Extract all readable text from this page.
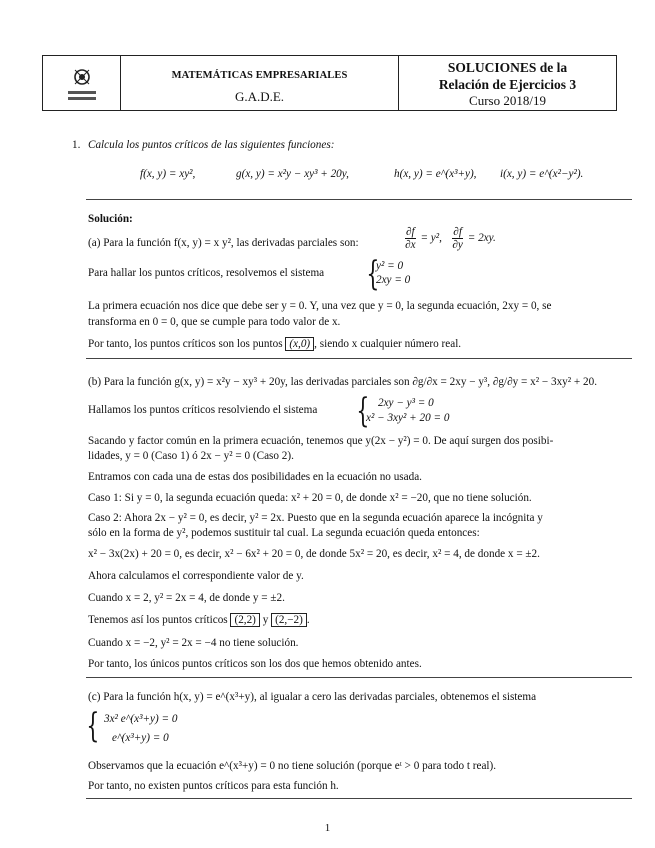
MATEMÁTICAS EMPRESARIALES
G.A.D.E.
SOLUCIONES de la
Relación de Ejercicios 3
Curso 2018/19
1. Calcula los puntos críticos de las siguientes funciones:
f(x, y) = xy²,	g(x, y) = x²y − xy³ + 20y,	h(x, y) = e^(x³+y), i(x, y) = e^(x²−y²).
Solución:
(a) Para la función f(x, y) = x y², las derivadas parciales son:	$\frac{\partial f}{\partial x} = y^2$, $\frac{\partial f}{\partial y} = 2xy$.
Para hallar los puntos críticos, resolvemos el sistema {
y² = 0
2xy = 0
La primera ecuación nos dice que debe ser y = 0. Y, una vez que y = 0, la segunda ecuación, 2xy = 0, se
transforma en 0 = 0, que se cumple para todo valor de x.
Por tanto, los puntos críticos son los puntos (x,0) , siendo x cualquier número real.
(b) Para la función g(x, y) = x²y − xy³ + 20y, las derivadas parciales son ∂g/∂x = 2xy − y³, ∂g/∂y = x² − 3xy² + 20.
Hallamos los puntos críticos resolviendo el sistema { 2xy − y³ = 0
x² − 3xy² + 20 = 0
Sacando y factor común en la primera ecuación, tenemos que y(2x − y²) = 0. De aquí surgen dos posibi-
lidades, y = 0 (Caso 1) ó 2x − y² = 0 (Caso 2).
Entramos con cada una de estas dos posibilidades en la ecuación no usada.
Caso 1: Si y = 0, la segunda ecuación queda: x² + 20 = 0, de donde x² = −20, que no tiene solución.
Caso 2: Ahora 2x − y² = 0, es decir, y² = 2x. Puesto que en la segunda ecuación aparece la incógnita y
sólo en la forma de y², podemos sustituir tal cual. La segunda ecuación queda entonces:
x² − 3x(2x) + 20 = 0, es decir, x² − 6x² + 20 = 0, de donde 5x² = 20, es decir, x² = 4, de donde x = ±2.
Ahora calculamos el correspondiente valor de y.
Cuando x = 2, y² = 2x = 4, de donde y = ±2.
Tenemos así los puntos críticos (2,2) y (2,−2) .
Cuando x = −2, y² = 2x = −4 no tiene solución.
Por tanto, los únicos puntos críticos son los dos que hemos obtenido antes.
(c) Para la función h(x, y) = e^(x³+y), al igualar a cero las derivadas parciales, obtenemos el sistema
{ 3x² e^(x³+y) = 0
e^(x³+y) = 0
Observamos que la ecuación e^(x³+y) = 0 no tiene solución (porque eᵗ > 0 para todo t real).
Por tanto, no existen puntos críticos para esta función h.
1
